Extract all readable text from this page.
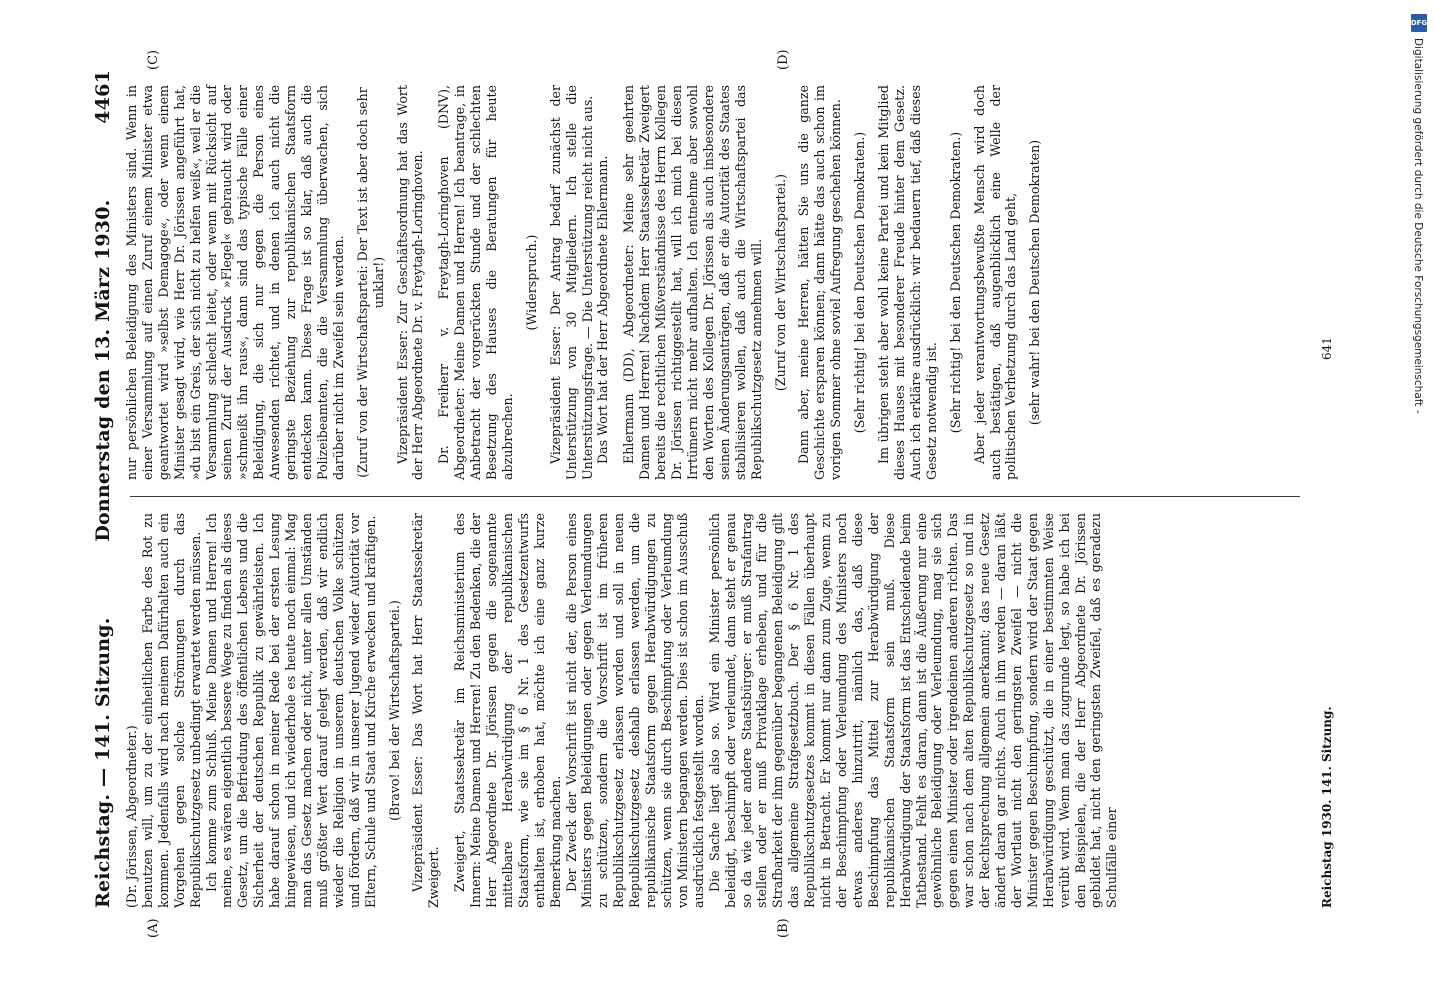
Reichstag. — 141. Sitzung.
Donnerstag den 13. März 1930.
4461
(A)	(B)
(C)	(D)

(Dr. Jörissen, Abgeordneter.) benutzen will, um zu der einheitlichen Farbe des Rot zu kommen. Jedenfalls wird nach meinem Dafürhalten auch ein Vorgehen gegen solche Strömungen durch das Republikschutzgesetz unbedingt erwartet werden müssen. Ich komme zum Schluß. Meine Damen und Herren! Ich meine, es wären eigentlich bessere Wege zu finden als dieses Gesetz, um die Befriedung des öffentlichen Lebens und die Sicherheit der deutschen Republik zu gewährleisten. Ich habe darauf schon in meiner Rede bei der ersten Lesung hingewiesen, und ich wiederhole es heute noch einmal: Mag man das Gesetz machen oder nicht, unter allen Umständen muß größter Wert darauf gelegt werden, daß wir endlich wieder die Religion in unserem deutschen Volke schützen und fördern, daß wir in unserer Jugend wieder Autorität vor Eltern, Schule und Staat und Kirche erwecken und kräftigen. (Bravo! bei der Wirtschaftspartei.) Vizepräsident Esser: Das Wort hat Herr Staatssekretär Zweigert. Zweigert, Staatssekretär im Reichsministerium des Innern: Meine Damen und Herren! Zu den Bedenken, die der Herr Abgeordnete Dr. Jörissen gegen die sogenannte mittelbare Herabwürdigung der republikanischen Staatsform, wie sie im § 6 Nr. 1 des Gesetzentwurfs enthalten ist, erhoben hat, möchte ich eine ganz kurze Bemerkung machen. Der Zweck der Vorschrift ist nicht der, die Person eines Ministers gegen Beleidigungen oder gegen Verleumdungen zu schützen, sondern die Vorschrift ist im früheren Republikschutzgesetz erlassen worden und soll in neuen Republikschutzgesetz deshalb erlassen werden, um die republikanische Staatsform gegen Herabwürdigungen zu schützen, wenn sie durch Beschimpfung oder Verleumdung von Ministern begangen werden. Dies ist schon im Ausschuß ausdrücklich festgestellt worden. Die Sache liegt also so. Wird ein Minister persönlich beleidigt, beschimpft oder verleumdet, dann steht er genau so da wie jeder andere Staatsbürger: er muß Strafantrag stellen oder er muß Privatklage erheben, und für die Strafbarkeit der ihm gegenüber begangenen Beleidigung gilt das allgemeine Strafgesetzbuch. Der § 6 Nr. 1 des Republikschutzgesetzes kommt in diesen Fällen überhaupt nicht in Betracht. Er kommt nur dann zum Zuge, wenn zu der Beschimpfung oder Verleumdung des Ministers noch etwas anderes hinzutritt, nämlich das, daß diese Beschimpfung das Mittel zur Herabwürdigung der republikanischen Staatsform sein muß. Diese Herabwürdigung der Staatsform ist das Entscheidende beim Tatbestand. Fehlt es daran, dann ist die Äußerung nur eine gewöhnliche Beleidigung oder Verleumdung, mag sie sich gegen einen Minister oder irgendeinen anderen richten. Das war schon nach dem alten Republikschutzgesetz so und in der Rechtsprechung allgemein anerkannt; das neue Gesetz ändert daran gar nichts. Auch in ihm werden — daran läßt der Wortlaut nicht den geringsten Zweifel — nicht die Minister gegen Beschimpfung, sondern wird der Staat gegen Herabwürdigung geschützt, die in einer bestimmten Weise verübt wird. Wenn man das zugrunde legt, so habe ich bei den Beispielen, die der Herr Abgeordnete Dr. Jörissen gebildet hat, nicht den geringsten Zweifel, daß es geradezu Schulfälle einer

nur persönlichen Beleidigung des Ministers sind. Wenn in einer Versammlung auf einen Zuruf einem Minister etwa geantwortet wird »selbst Demagoge«, oder wenn einem Minister gesagt wird, wie Herr Dr. Jörissen angeführt hat, »du bist ein Greis, der sich nicht zu helfen weiß«, weil er die Versammlung schlecht leitet, oder wenn mit Rücksicht auf seinen Zuruf der Ausdruck »Flegel« gebraucht wird oder »schmeißt ihn raus«, dann sind das typische Fälle einer Beleidigung, die sich nur gegen die Person eines Anwesenden richtet, und in denen ich auch nicht die geringste Beziehung zur republikanischen Staatsform entdecken kann. Diese Frage ist so klar, daß auch die Polizeibeamten, die die Versammlung überwachen, sich darüber nicht im Zweifel sein werden. (Zuruf von der Wirtschaftspartei: Der Text ist aber doch sehr unklar!) Vizepräsident Esser: Zur Geschäftsordnung hat das Wort der Herr Abgeordnete Dr. v. Freytagh-Loringhoven. Dr. Freiherr v. Freytagh-Loringhoven (DNV), Abgeordneter: Meine Damen und Herren! Ich beantrage, in Anbetracht der vorgerückten Stunde und der schlechten Besetzung des Hauses die Beratungen für heute abzubrechen.

(Widerspruch.) Vizepräsident Esser: Der Antrag bedarf zunächst der Unterstützung von 30 Mitgliedern. Ich stelle die Unterstützungsfrage. — Die Unterstützung reicht nicht aus. Das Wort hat der Herr Abgeordnete Ehlermann. Ehlermann (DD), Abgeordneter: Meine sehr geehrten Damen und Herren! Nachdem Herr Staatssekretär Zweigert bereits die rechtlichen Mißverständnisse des Herrn Kollegen Dr. Jörissen richtiggestellt hat, will ich mich bei diesen Irrtümern nicht mehr aufhalten. Ich entnehme aber sowohl den Worten des Kollegen Dr. Jörissen als auch insbesondere seinen Änderungsanträgen, daß er die Autorität des Staates stabilisieren wollen, daß auch die Wirtschaftspartei das Republikschutzgesetz annehmen will. (Zuruf von der Wirtschaftspartei.) Dann aber, meine Herren, hätten Sie uns die ganze Geschichte ersparen können; dann hätte das auch schon im vorigen Sommer ohne soviel Aufregung geschehen können. (Sehr richtig! bei den Deutschen Demokraten.) Im übrigen steht aber wohl keine Partei und kein Mitglied dieses Hauses mit besonderer Freude hinter dem Gesetz. Auch ich erkläre ausdrücklich: wir bedauern tief, daß dieses Gesetz notwendig ist. (Sehr richtig! bei den Deutschen Demokraten.) Aber jeder verantwortungsbewußte Mensch wird doch auch bestätigen, daß augenblicklich eine Welle der politischen Verhetzung durch das Land geht, (sehr wahr! bei den Deutschen Demokraten)

Reichstag 1930. 141. Sitzung.
641
DFG
Digitalisierung gefördert durch die Deutsche Forschungsgemeinschaft -
